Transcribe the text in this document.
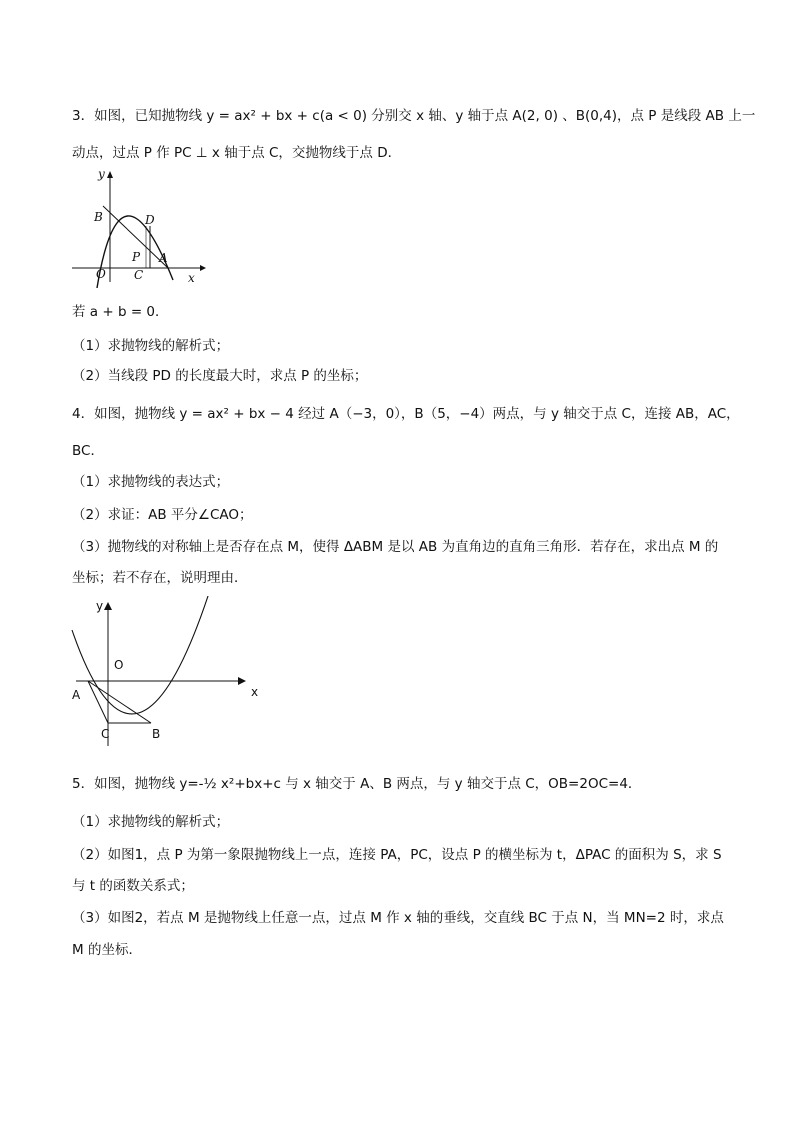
3．如图，已知抛物线 y = ax² + bx + c(a < 0) 分别交 x 轴、y 轴于点 A(2, 0) 、B(0,4)，点 P 是线段 AB 上一
动点，过点 P 作 PC ⊥ x 轴于点 C，交抛物线于点 D．
y
x
O
B	D
P
C
A
若 a + b = 0．
（1）求抛物线的解析式；
（2）当线段 PD 的长度最大时，求点 P 的坐标；
4．如图，抛物线 y = ax² + bx − 4 经过 A（−3，0），B（5，−4）两点，与 y 轴交于点 C，连接 AB，AC，
BC．
（1）求抛物线的表达式；
（2）求证：AB 平分∠CAO；
（3）抛物线的对称轴上是否存在点 M，使得 ΔABM 是以 AB 为直角边的直角三角形．若存在，求出点 M 的
坐标；若不存在，说明理由．
y
x
O
A
C	B
5．如图，抛物线 y=-½ x²+bx+c 与 x 轴交于 A、B 两点，与 y 轴交于点 C，OB=2OC=4．
（1）求抛物线的解析式；
（2）如图1，点 P 为第一象限抛物线上一点，连接 PA，PC，设点 P 的横坐标为 t，ΔPAC 的面积为 S，求 S
与 t 的函数关系式；
（3）如图2，若点 M 是抛物线上任意一点，过点 M 作 x 轴的垂线，交直线 BC 于点 N，当 MN=2 时，求点
M 的坐标．
